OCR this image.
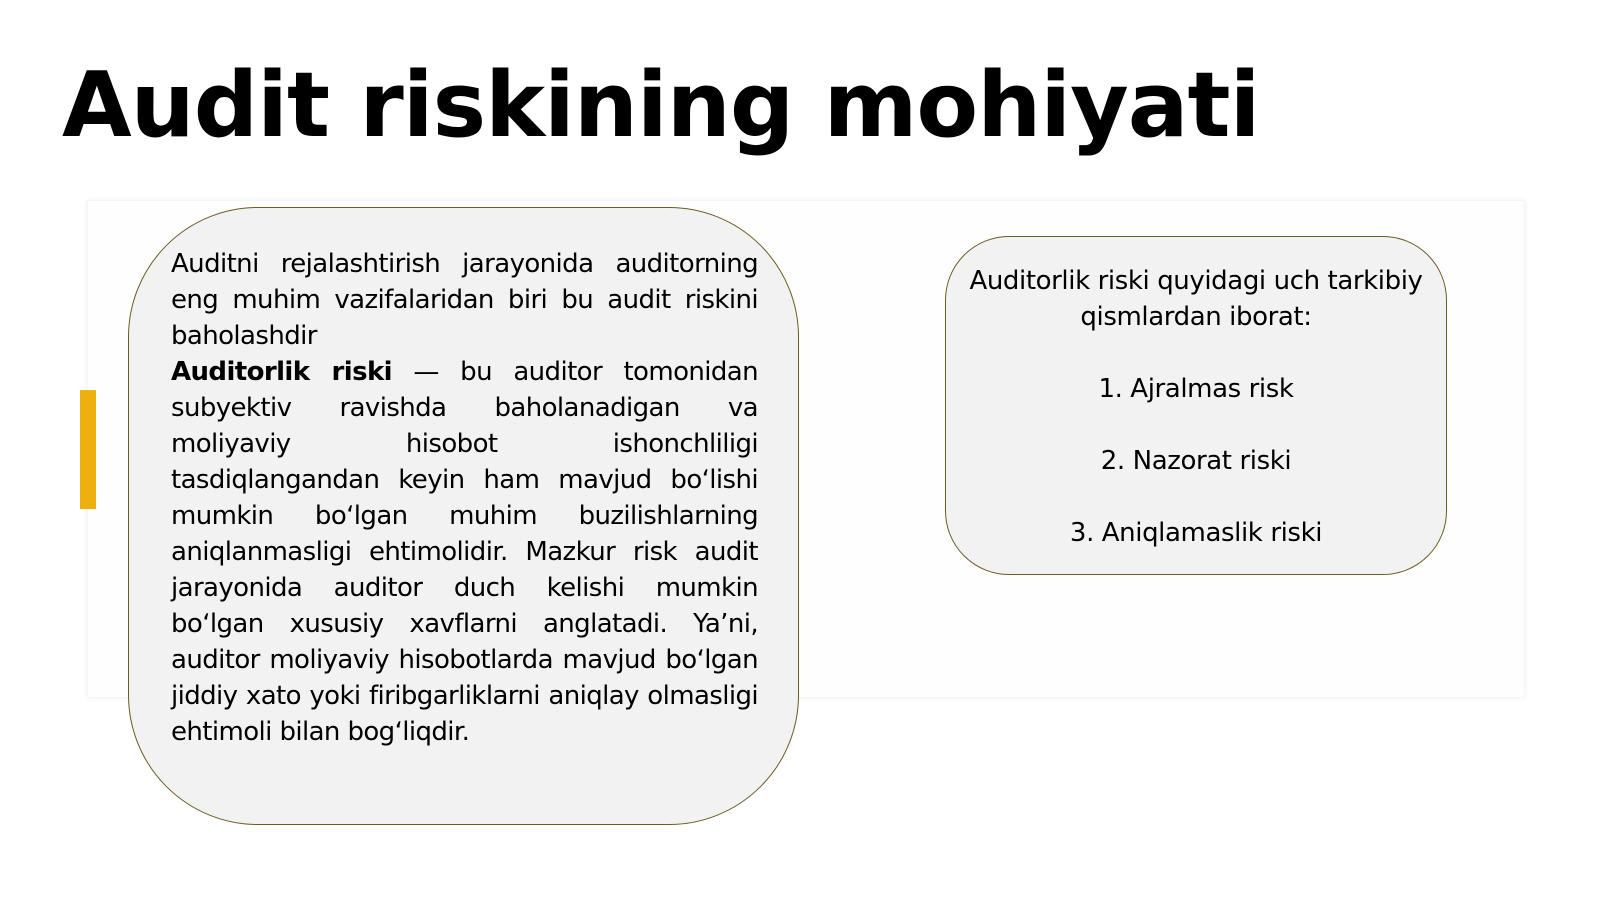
Audit riskining mohiyati

Auditni rejalashtirish jarayonida auditorning eng muhim vazifalaridan biri bu audit riskini baholashdir

Auditorlik riski — bu auditor tomonidan subyektiv ravishda baholanadigan va moliyaviy hisobot ishonchliligi tasdiqlangandan keyin ham mavjud boʻlishi mumkin boʻlgan muhim buzilishlarning aniqlanmasligi ehtimolidir. Mazkur risk audit jarayonida auditor duch kelishi mumkin boʻlgan xususiy xavflarni anglatadi. Yaʼni, auditor moliyaviy hisobotlarda mavjud boʻlgan jiddiy xato yoki firibgarliklarni aniqlay olmasligi ehtimoli bilan bogʻliqdir.

Auditorlik riski quyidagi uch tarkibiy qismlardan iborat:

1. Ajralmas risk
2. Nazorat riski
3. Aniqlamaslik riski
